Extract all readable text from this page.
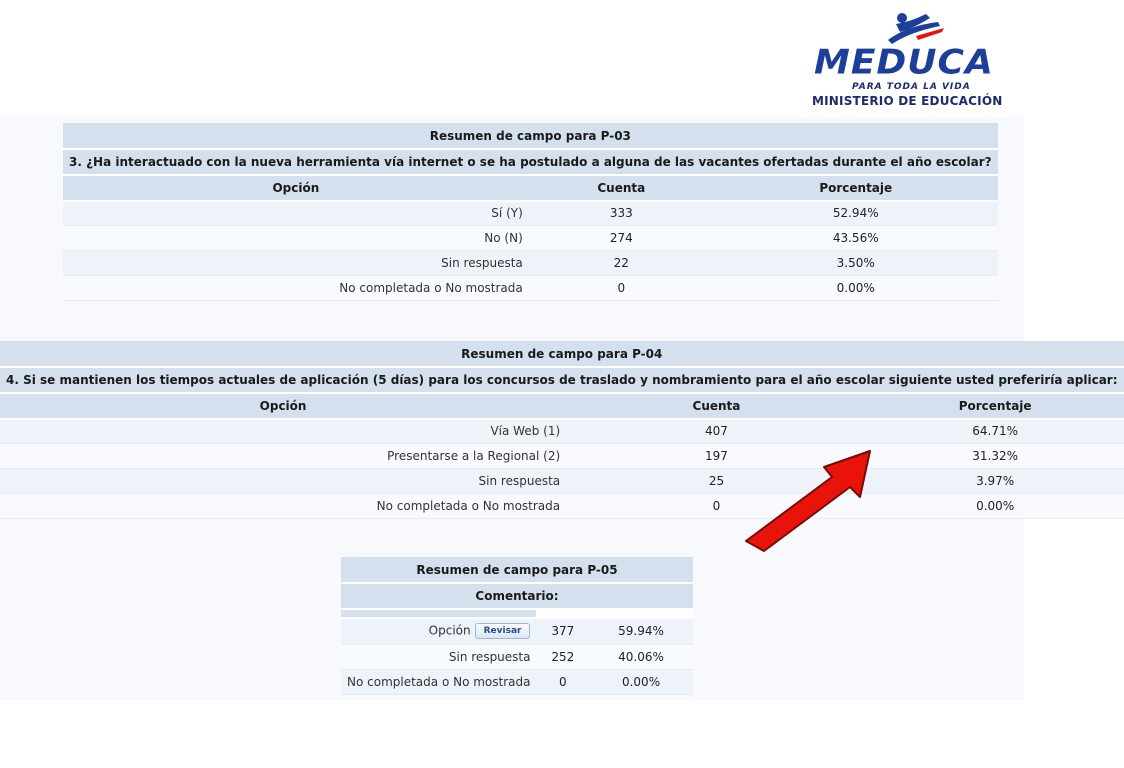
MEDUCA
PARA TODA LA VIDA
MINISTERIO DE EDUCACIÓN
Resumen de campo para P-03		
3. ¿Ha interactuado con la nueva herramienta vía internet o se ha postulado a alguna de las vacantes ofertadas durante el año escolar?		
Opción	Cuenta	Porcentaje
Sí (Y)	333	52.94%
No (N)	274	43.56%
Sin respuesta	22	3.50%
No completada o No mostrada	0	0.00%
Resumen de campo para P-04		
4. Si se mantienen los tiempos actuales de aplicación (5 días) para los concursos de traslado y nombramiento para el año escolar siguiente usted preferiría aplicar:		
Opción	Cuenta	Porcentaje
Vía Web (1)	407	64.71%
Presentarse a la Regional (2)	197	31.32%
Sin respuesta	25	3.97%
No completada o No mostrada	0	0.00%
Resumen de campo para P-05		
Comentario:		

Opción Revisar	377	59.94%
Sin respuesta	252	40.06%
No completada o No mostrada	0	0.00%
